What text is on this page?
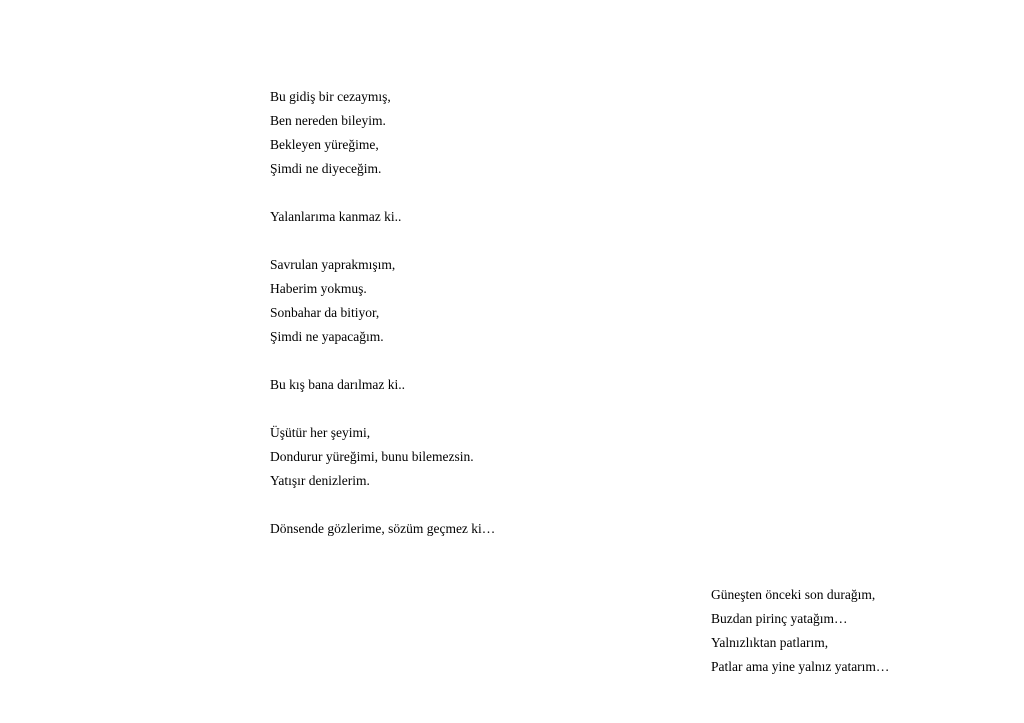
Bu gidiş bir cezaymış,
Ben nereden bileyim.
Bekleyen yüreğime,
Şimdi ne diyeceğim.
Yalanlarıma kanmaz ki..
Savrulan yaprakmışım,
Haberim yokmuş.
Sonbahar da bitiyor,
Şimdi ne yapacağım.
Bu kış bana darılmaz ki..
Üşütür her şeyimi,
Dondurur yüreğimi, bunu bilemezsin.
Yatışır denizlerim.
Dönsende gözlerime, sözüm geçmez ki…
Güneşten önceki son durağım,
Buzdan pirinç yatağım…
Yalnızlıktan patlarım,
Patlar ama yine yalnız yatarım…
